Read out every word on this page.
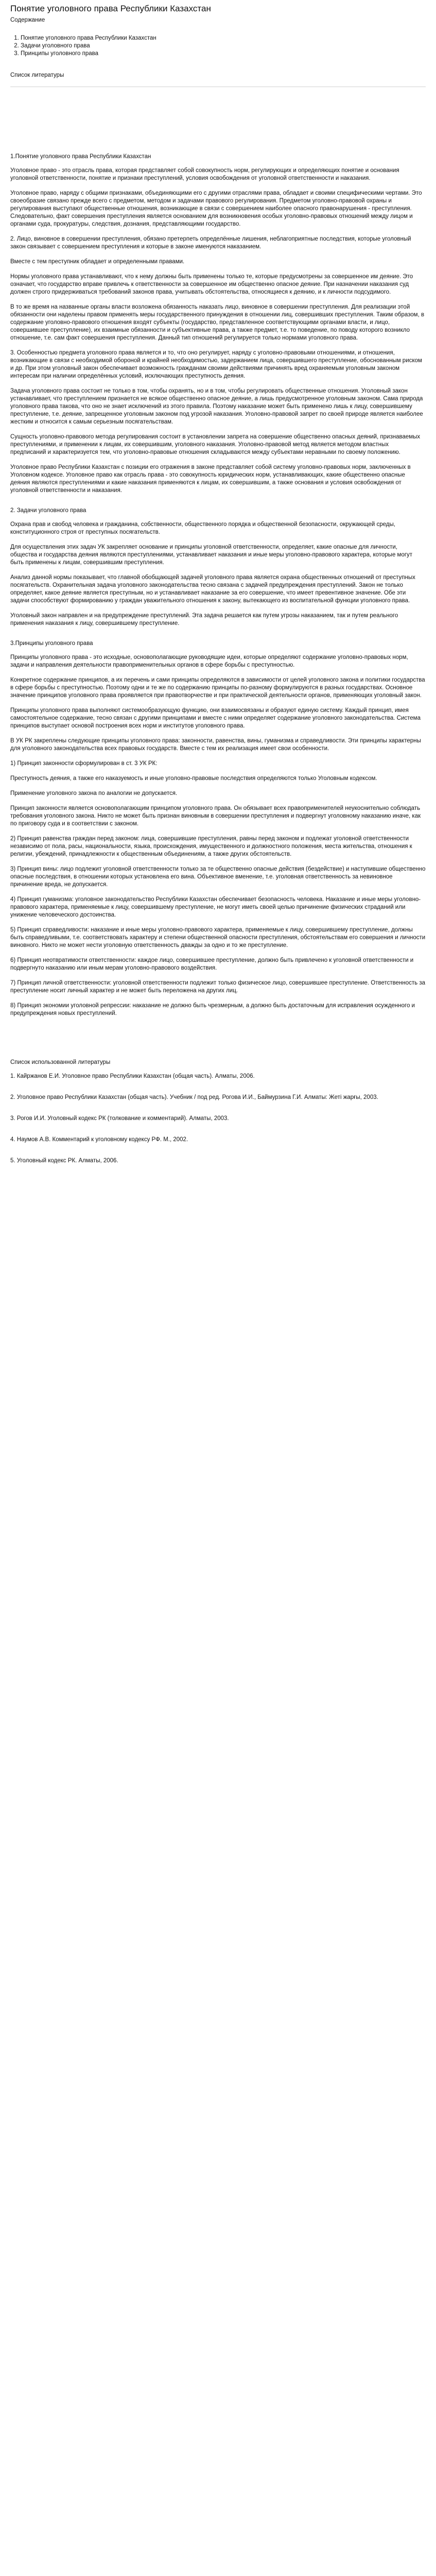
Понятие уголовного права Республики Казахстан
Содержание
1. Понятие уголовного права Республики Казахстан
2. Задачи уголовного права
3. Принципы уголовного права
Список литературы
1.Понятие уголовного права Республики Казахстан

Уголовное право - это отрасль права, которая представляет собой совокупность норм, регулирующих и определяющих понятие и основания уголовной ответственности, понятие и признаки преступлений, условия освобождения от уголовной ответственности и наказания.

Уголовное право, наряду с общими признаками, объединяющими его с другими отраслями права, обладает и своими специфическими чертами. Это своеобразие связано прежде всего с предметом, методом и задачами правового регулирования. Предметом уголовно-правовой охраны и регулирования выступают общественные отношения, возникающие в связи с совершением наиболее опасного правонарушения - преступления. Следовательно, факт совершения преступления является основанием для возникновения особых уголовно-правовых отношений между лицом и органами суда, прокуратуры, следствия, дознания, представляющими государство.

2. Лицо, виновное в совершении преступления, обязано претерпеть определённые лишения, неблагоприятные последствия, которые уголовный закон связывает с совершением преступления и которые в законе именуются наказанием.

Вместе с тем преступник обладает и определенными правами.

Нормы уголовного права устанавливают, что к нему должны быть применены только те, которые предусмотрены за совершенное им деяние. Это означает, что государство вправе привлечь к ответственности за совершенное им общественно опасное деяние. При назначении наказания суд должен строго придерживаться требований законов права, учитывать обстоятельства, относящиеся к деянию, и к личности подсудимого.

В то же время на названные органы власти возложена обязанность наказать лицо, виновное в совершении преступления. Для реализации этой обязанности они наделены правом применять меры государственного принуждения в отношении лиц, совершивших преступления. Таким образом, в содержание уголовно-правового отношения входят субъекты (государство, представленное соответствующими органами власти, и лицо, совершившее преступление), их взаимные обязанности и субъективные права, а также предмет, т.е. то поведение, по поводу которого возникло отношение, т.е. сам факт совершения преступления. Данный тип отношений регулируется только нормами уголовного права.

3. Особенностью предмета уголовного права является и то, что оно регулирует, наряду с уголовно-правовыми отношениями, и отношения, возникающие в связи с необходимой обороной и крайней необходимостью, задержанием лица, совершившего преступление, обоснованным риском и др. При этом уголовный закон обеспечивает возможность гражданам своими действиями причинять вред охраняемым уголовным законом интересам при наличии определённых условий, исключающих преступность деяния.

Задача уголовного права состоит не только в том, чтобы охранять, но и в том, чтобы регулировать общественные отношения. Уголовный закон устанавливает, что преступлением признается не всякое общественно опасное деяние, а лишь предусмотренное уголовным законом. Сама природа уголовного права такова, что оно не знает исключений из этого правила. Поэтому наказание может быть применено лишь к лицу, совершившему преступление, т.е. деяние, запрещенное уголовным законом под угрозой наказания. Уголовно-правовой запрет по своей природе является наиболее жестким и относится к самым серьезным посягательствам.

Сущность уголовно-правового метода регулирования состоит в установлении запрета на совершение общественно опасных деяний, признаваемых преступлениями, и применении к лицам, их совершившим, уголовного наказания. Уголовно-правовой метод является методом властных предписаний и характеризуется тем, что уголовно-правовые отношения складываются между субъектами неравными по своему положению.

Уголовное право Республики Казахстан с позиции его отражения в законе представляет собой систему уголовно-правовых норм, заключенных в Уголовном кодексе. Уголовное право как отрасль права - это совокупность юридических норм, устанавливающих, какие общественно опасные деяния являются преступлениями и какие наказания применяются к лицам, их совершившим, а также основания и условия освобождения от уголовной ответственности и наказания.

2. Задачи уголовного права

Охрана прав и свобод человека и гражданина, собственности, общественного порядка и общественной безопасности, окружающей среды, конституционного строя от преступных посягательств.

Для осуществления этих задач УК закрепляет основание и принципы уголовной ответственности, определяет, какие опасные для личности, общества и государства деяния являются преступлениями, устанавливает наказания и иные меры уголовно-правового характера, которые могут быть применены к лицам, совершившим преступления.

Анализ данной нормы показывает, что главной обобщающей задачей уголовного права является охрана общественных отношений от преступных посягательств. Охранительная задача уголовного законодательства тесно связана с задачей предупреждения преступлений. Закон не только определяет, какое деяние является преступным, но и устанавливает наказание за его совершение, что имеет превентивное значение. Обе эти задачи способствуют формированию у граждан уважительного отношения к закону, вытекающего из воспитательной функции уголовного права.

Уголовный закон направлен и на предупреждение преступлений. Эта задача решается как путем угрозы наказанием, так и путем реального применения наказания к лицу, совершившему преступление.

3.Принципы уголовного права

Принципы уголовного права - это исходные, основополагающие руководящие идеи, которые определяют содержание уголовно-правовых норм, задачи и направления деятельности правоприменительных органов в сфере борьбы с преступностью.

Конкретное содержание принципов, а их перечень и сами принципы определяются в зависимости от целей уголовного закона и политики государства в сфере борьбы с преступностью. Поэтому одни и те же по содержанию принципы по-разному формулируются в разных государствах. Основное значение принципов уголовного права проявляется при правотворчестве и при практической деятельности органов, применяющих уголовный закон.

Принципы уголовного права выполняют системообразующую функцию, они взаимосвязаны и образуют единую систему. Каждый принцип, имея самостоятельное содержание, тесно связан с другими принципами и вместе с ними определяет содержание уголовного законодательства. Система принципов выступает основой построения всех норм и институтов уголовного права.

В УК РК закреплены следующие принципы уголовного права: законности, равенства, вины, гуманизма и справедливости. Эти принципы характерны для уголовного законодательства всех правовых государств. Вместе с тем их реализация имеет свои особенности.

1) Принцип законности сформулирован в ст. 3 УК РК:

Преступность деяния, а также его наказуемость и иные уголовно-правовые последствия определяются только Уголовным кодексом.

Применение уголовного закона по аналогии не допускается.

Принцип законности является основополагающим принципом уголовного права. Он обязывает всех правоприменителей неукоснительно соблюдать требования уголовного закона. Никто не может быть признан виновным в совершении преступления и подвергнут уголовному наказанию иначе, как по приговору суда и в соответствии с законом.

2) Принцип равенства граждан перед законом: лица, совершившие преступления, равны перед законом и подлежат уголовной ответственности независимо от пола, расы, национальности, языка, происхождения, имущественного и должностного положения, места жительства, отношения к религии, убеждений, принадлежности к общественным объединениям, а также других обстоятельств.

3) Принцип вины: лицо подлежит уголовной ответственности только за те общественно опасные действия (бездействие) и наступившие общественно опасные последствия, в отношении которых установлена его вина. Объективное вменение, т.е. уголовная ответственность за невиновное причинение вреда, не допускается.

4) Принцип гуманизма: уголовное законодательство Республики Казахстан обеспечивает безопасность человека. Наказание и иные меры уголовно-правового характера, применяемые к лицу, совершившему преступление, не могут иметь своей целью причинение физических страданий или унижение человеческого достоинства.

5) Принцип справедливости: наказание и иные меры уголовно-правового характера, применяемые к лицу, совершившему преступление, должны быть справедливыми, т.е. соответствовать характеру и степени общественной опасности преступления, обстоятельствам его совершения и личности виновного. Никто не может нести уголовную ответственность дважды за одно и то же преступление.

6) Принцип неотвратимости ответственности: каждое лицо, совершившее преступление, должно быть привлечено к уголовной ответственности и подвергнуто наказанию или иным мерам уголовно-правового воздействия.

7) Принцип личной ответственности: уголовной ответственности подлежит только физическое лицо, совершившее преступление. Ответственность за преступление носит личный характер и не может быть переложена на других лиц.

8) Принцип экономии уголовной репрессии: наказание не должно быть чрезмерным, а должно быть достаточным для исправления осужденного и предупреждения новых преступлений.

Список использованной литературы

1. Кайржанов Е.И. Уголовное право Республики Казахстан (общая часть). Алматы, 2006.

2. Уголовное право Республики Казахстан (общая часть). Учебник / под ред. Рогова И.И., Баймурзина Г.И. Алматы: Жеті жарғы, 2003.

3. Рогов И.И. Уголовный кодекс РК (толкование и комментарий). Алматы, 2003.

4. Наумов А.В. Комментарий к уголовному кодексу РФ. М., 2002.

5. Уголовный кодекс РК. Алматы, 2006.
